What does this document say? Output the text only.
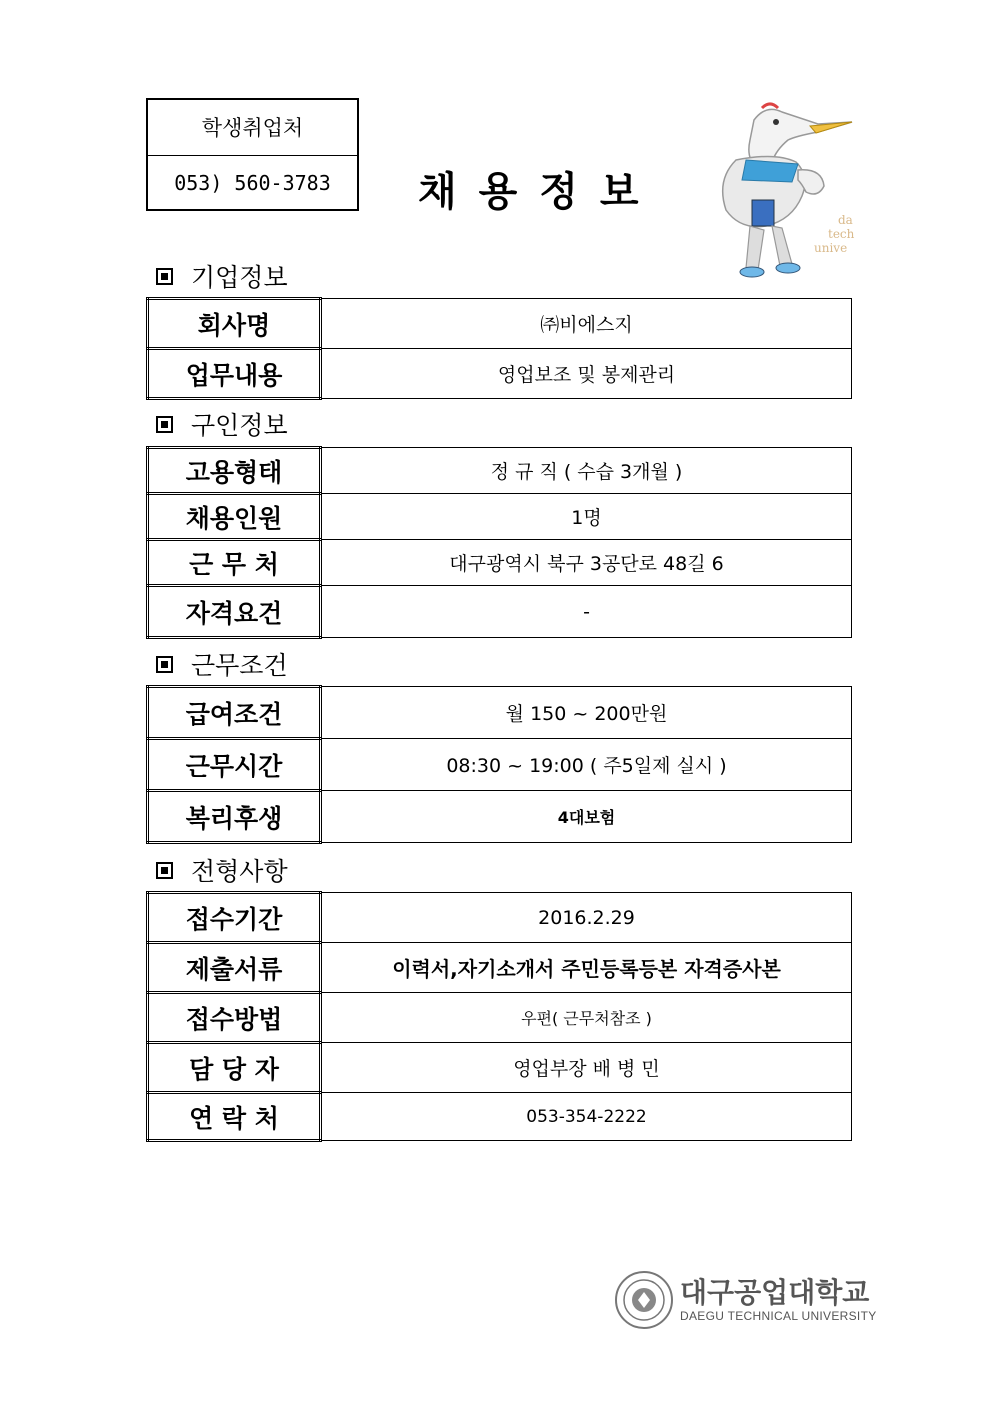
학생취업처
053) 560-3783	채용정보
da
tech
unive
기업정보
회사명	㈜비에스지
업무내용	영업보조 및 봉제관리
구인정보
고용형태	정 규 직 ( 수습 3개월 )
채용인원	1명
근 무 처	대구광역시 북구 3공단로 48길 6
자격요건	-
근무조건
급여조건	월 150 ~ 200만원
근무시간	08:30 ~ 19:00 ( 주5일제 실시 )
복리후생	4대보험
전형사항
접수기간	2016.2.29
제출서류	이력서,자기소개서 주민등록등본 자격증사본
접수방법	우편( 근무처참조 )
담 당 자	영업부장 배 병 민
연 락 처	053-354-2222
대구공업대학교
DAEGU TECHNICAL UNIVERSITY
